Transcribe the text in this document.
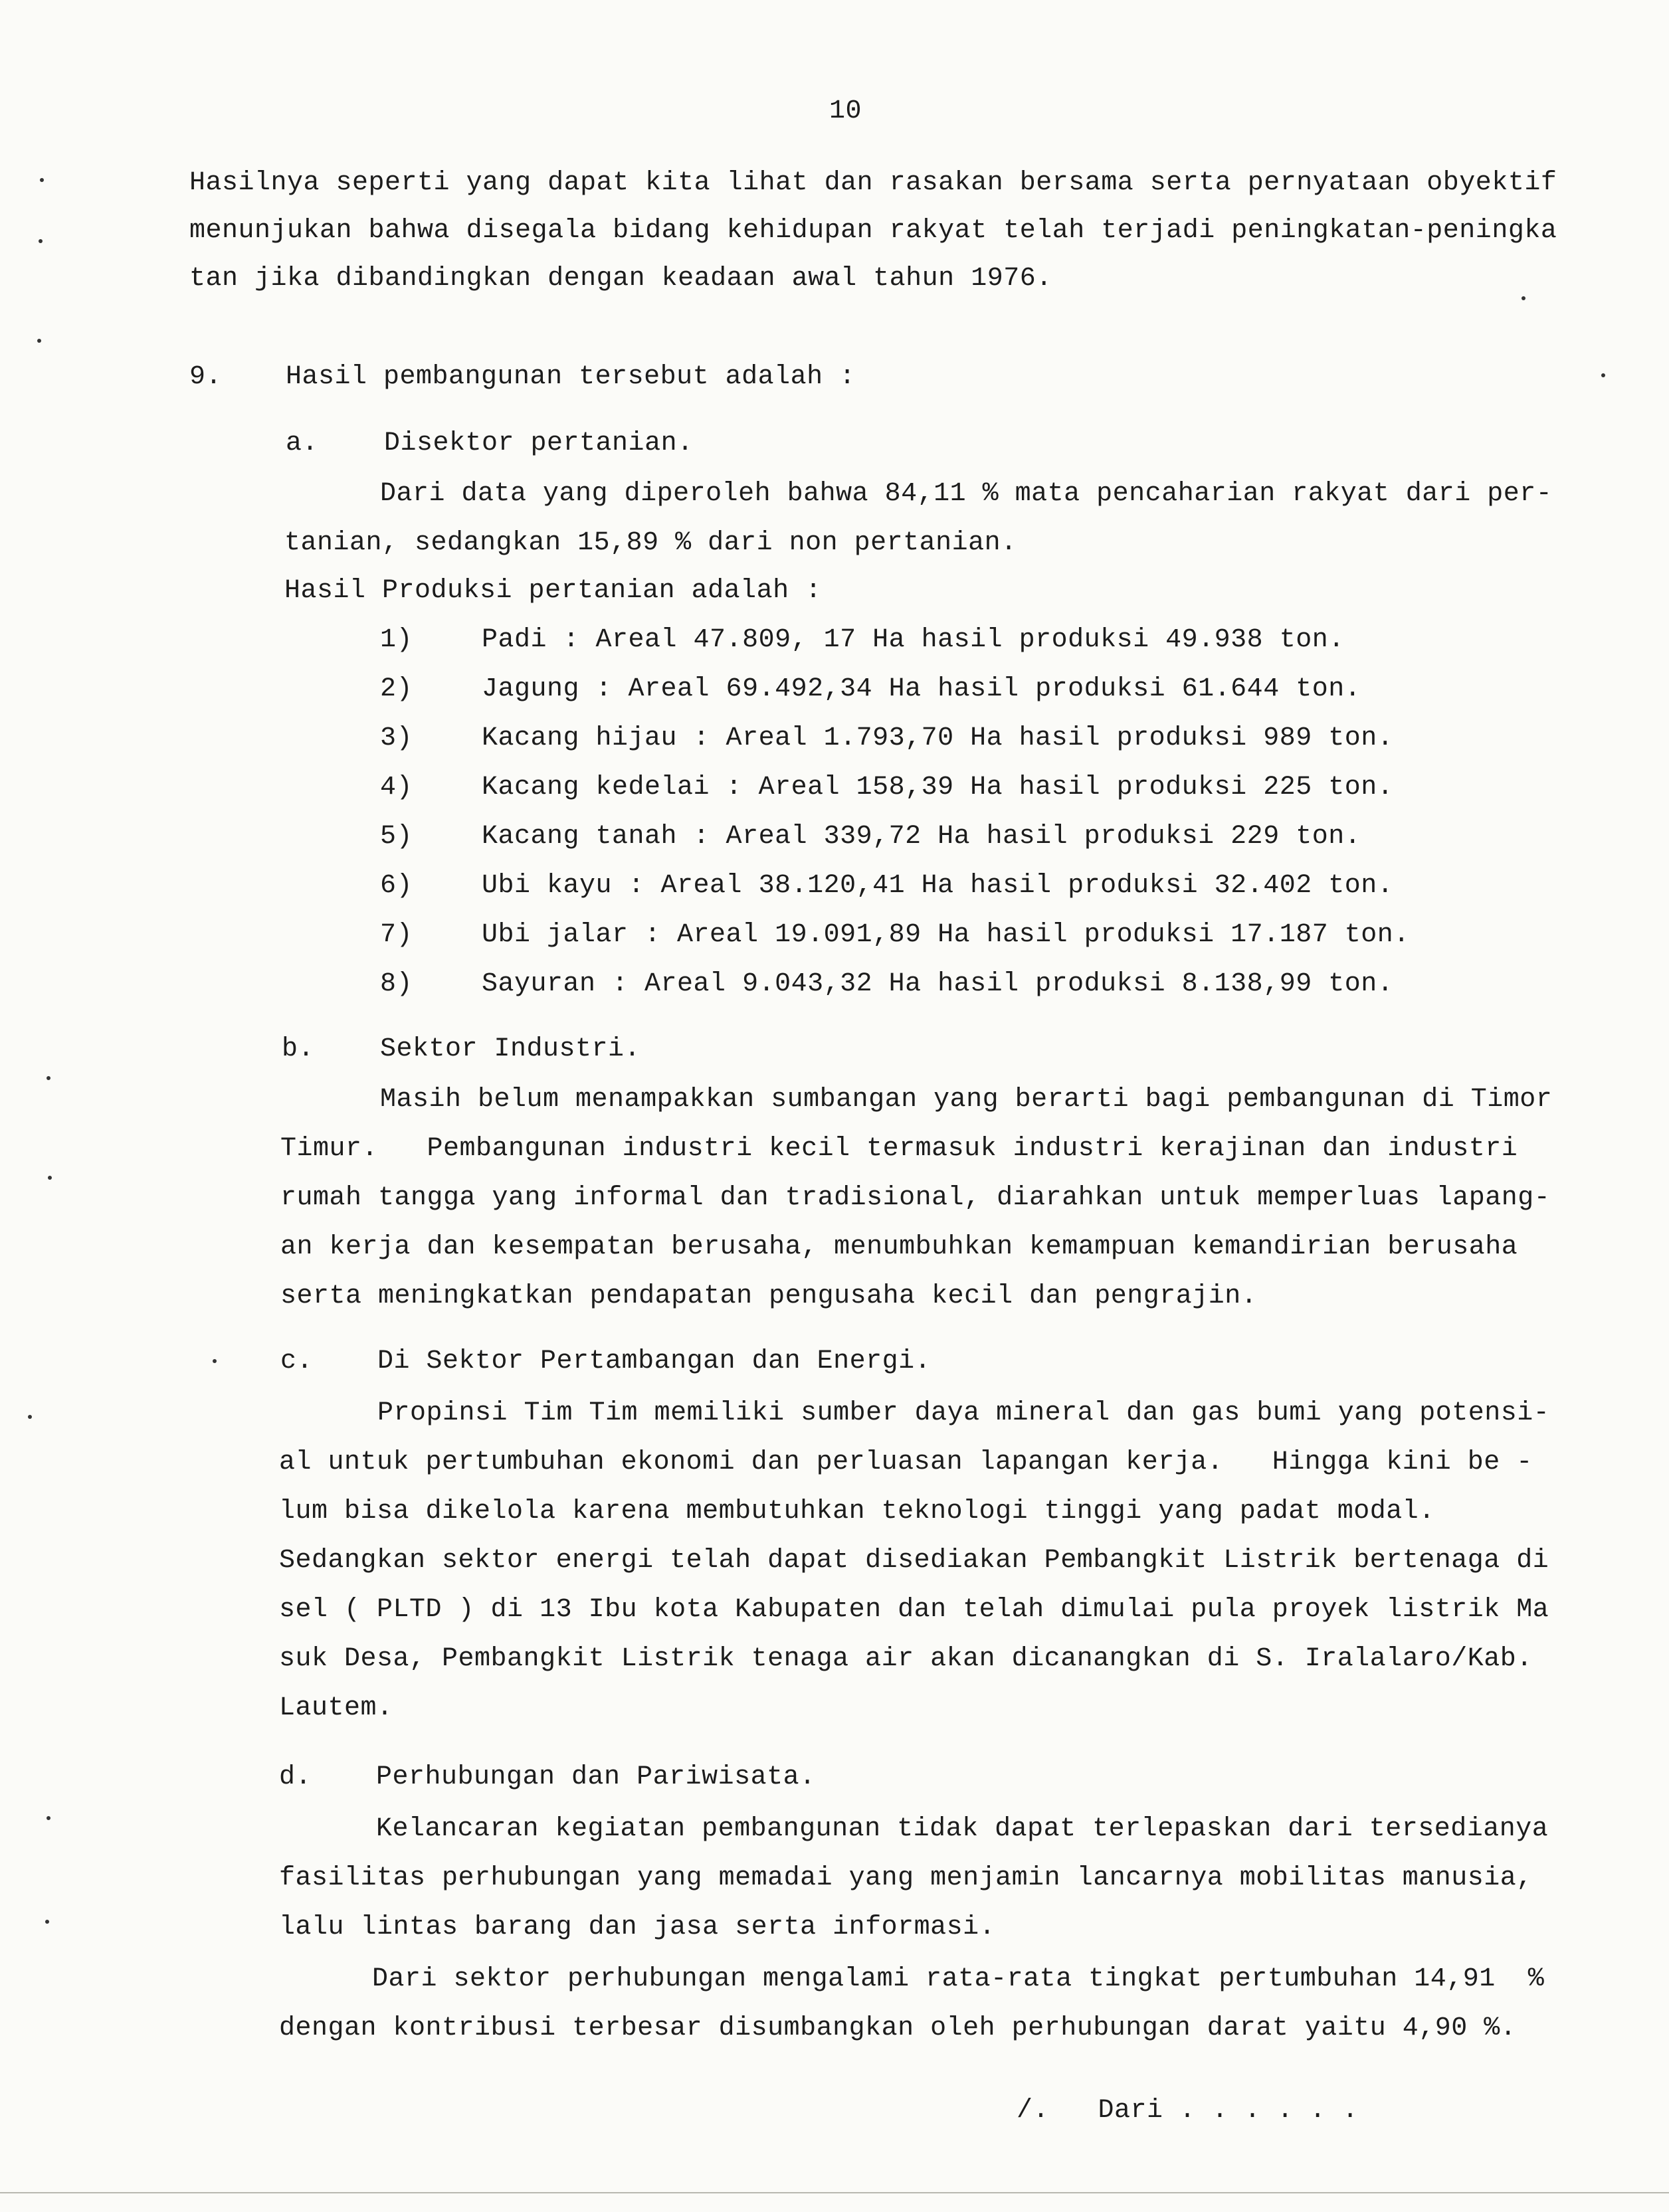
10
Hasilnya seperti yang dapat kita lihat dan rasakan bersama serta pernyataan obyektif
menunjukan bahwa disegala bidang kehidupan rakyat telah terjadi peningkatan-peningka
tan jika dibandingkan dengan keadaan awal tahun 1976.
9. Hasil pembangunan tersebut adalah :
a. Disektor pertanian.
Dari data yang diperoleh bahwa 84,11 % mata pencaharian rakyat dari per-
tanian, sedangkan 15,89 % dari non pertanian.
Hasil Produksi pertanian adalah :
1)	Padi : Areal 47.809, 17 Ha hasil produksi 49.938 ton.
2)	Jagung : Areal 69.492,34 Ha hasil produksi 61.644 ton.
3)	Kacang hijau : Areal 1.793,70 Ha hasil produksi 989 ton.
4)	Kacang kedelai : Areal 158,39 Ha hasil produksi 225 ton.
5)	Kacang tanah : Areal 339,72 Ha hasil produksi 229 ton.
6)	Ubi kayu : Areal 38.120,41 Ha hasil produksi 32.402 ton.
7)	Ubi jalar : Areal 19.091,89 Ha hasil produksi 17.187 ton.
8)	Sayuran : Areal 9.043,32 Ha hasil produksi 8.138,99 ton.
b. Sektor Industri.
Masih belum menampakkan sumbangan yang berarti bagi pembangunan di Timor
Timur.   Pembangunan industri kecil termasuk industri kerajinan dan industri
rumah tangga yang informal dan tradisional, diarahkan untuk memperluas lapang-
an kerja dan kesempatan berusaha, menumbuhkan kemampuan kemandirian berusaha
serta meningkatkan pendapatan pengusaha kecil dan pengrajin.
c. Di Sektor Pertambangan dan Energi.
Propinsi Tim Tim memiliki sumber daya mineral dan gas bumi yang potensi-
al untuk pertumbuhan ekonomi dan perluasan lapangan kerja.   Hingga kini be -
lum bisa dikelola karena membutuhkan teknologi tinggi yang padat modal.
Sedangkan sektor energi telah dapat disediakan Pembangkit Listrik bertenaga di
sel ( PLTD ) di 13 Ibu kota Kabupaten dan telah dimulai pula proyek listrik Ma
suk Desa, Pembangkit Listrik tenaga air akan dicanangkan di S. Iralalaro/Kab.
Lautem.
d. Perhubungan dan Pariwisata.
Kelancaran kegiatan pembangunan tidak dapat terlepaskan dari tersedianya
fasilitas perhubungan yang memadai yang menjamin lancarnya mobilitas manusia,
lalu lintas barang dan jasa serta informasi.
Dari sektor perhubungan mengalami rata-rata tingkat pertumbuhan 14,91  %
dengan kontribusi terbesar disumbangkan oleh perhubungan darat yaitu 4,90 %.
/.   Dari . . . . . .
